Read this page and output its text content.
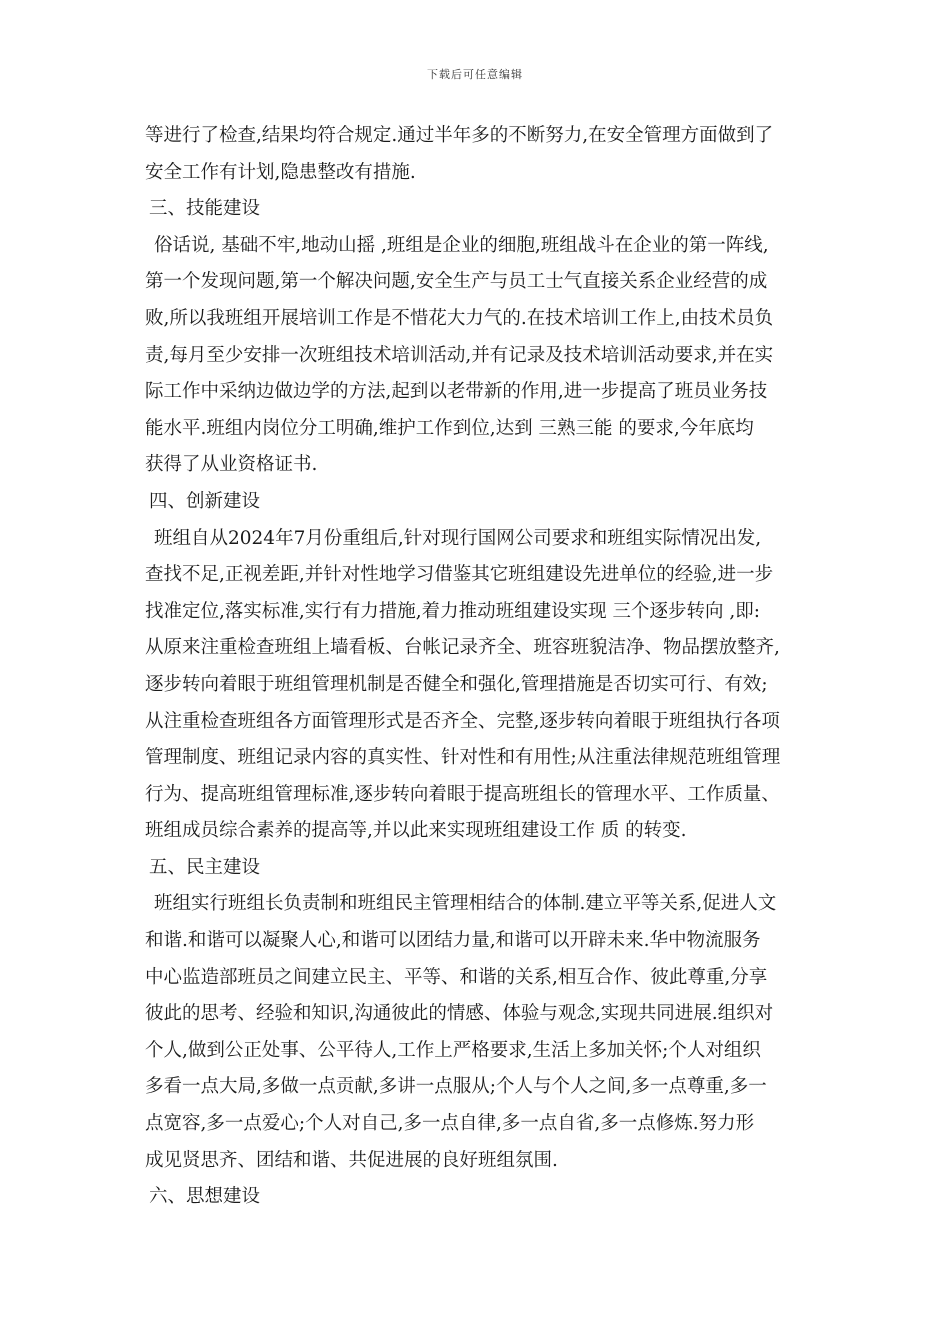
下载后可任意编辑
等进行了检查,结果均符合规定.通过半年多的不断努力,在安全管理方面做到了
安全工作有计划,隐患整改有措施.
三、技能建设
俗话说, 基础不牢,地动山摇 ,班组是企业的细胞,班组战斗在企业的第一阵线,
第一个发现问题,第一个解决问题,安全生产与员工士气直接关系企业经营的成
败,所以我班组开展培训工作是不惜花大力气的.在技术培训工作上,由技术员负
责,每月至少安排一次班组技术培训活动,并有记录及技术培训活动要求,并在实
际工作中采纳边做边学的方法,起到以老带新的作用,进一步提高了班员业务技
能水平.班组内岗位分工明确,维护工作到位,达到 三熟三能 的要求,今年底均
获得了从业资格证书.
四、创新建设
班组自从2024年7月份重组后,针对现行国网公司要求和班组实际情况出发,
查找不足,正视差距,并针对性地学习借鉴其它班组建设先进单位的经验,进一步
找准定位,落实标准,实行有力措施,着力推动班组建设实现 三个逐步转向 ,即:
从原来注重检查班组上墙看板、台帐记录齐全、班容班貌洁净、物品摆放整齐,
逐步转向着眼于班组管理机制是否健全和强化,管理措施是否切实可行、有效;
从注重检查班组各方面管理形式是否齐全、完整,逐步转向着眼于班组执行各项
管理制度、班组记录内容的真实性、针对性和有用性;从注重法律规范班组管理
行为、提高班组管理标准,逐步转向着眼于提高班组长的管理水平、工作质量、
班组成员综合素养的提高等,并以此来实现班组建设工作 质 的转变.
五、民主建设
班组实行班组长负责制和班组民主管理相结合的体制.建立平等关系,促进人文
和谐.和谐可以凝聚人心,和谐可以团结力量,和谐可以开辟未来.华中物流服务
中心监造部班员之间建立民主、平等、和谐的关系,相互合作、彼此尊重,分享
彼此的思考、经验和知识,沟通彼此的情感、体验与观念,实现共同进展.组织对
个人,做到公正处事、公平待人,工作上严格要求,生活上多加关怀;个人对组织
多看一点大局,多做一点贡献,多讲一点服从;个人与个人之间,多一点尊重,多一
点宽容,多一点爱心;个人对自己,多一点自律,多一点自省,多一点修炼.努力形
成见贤思齐、团结和谐、共促进展的良好班组氛围.
六、思想建设
